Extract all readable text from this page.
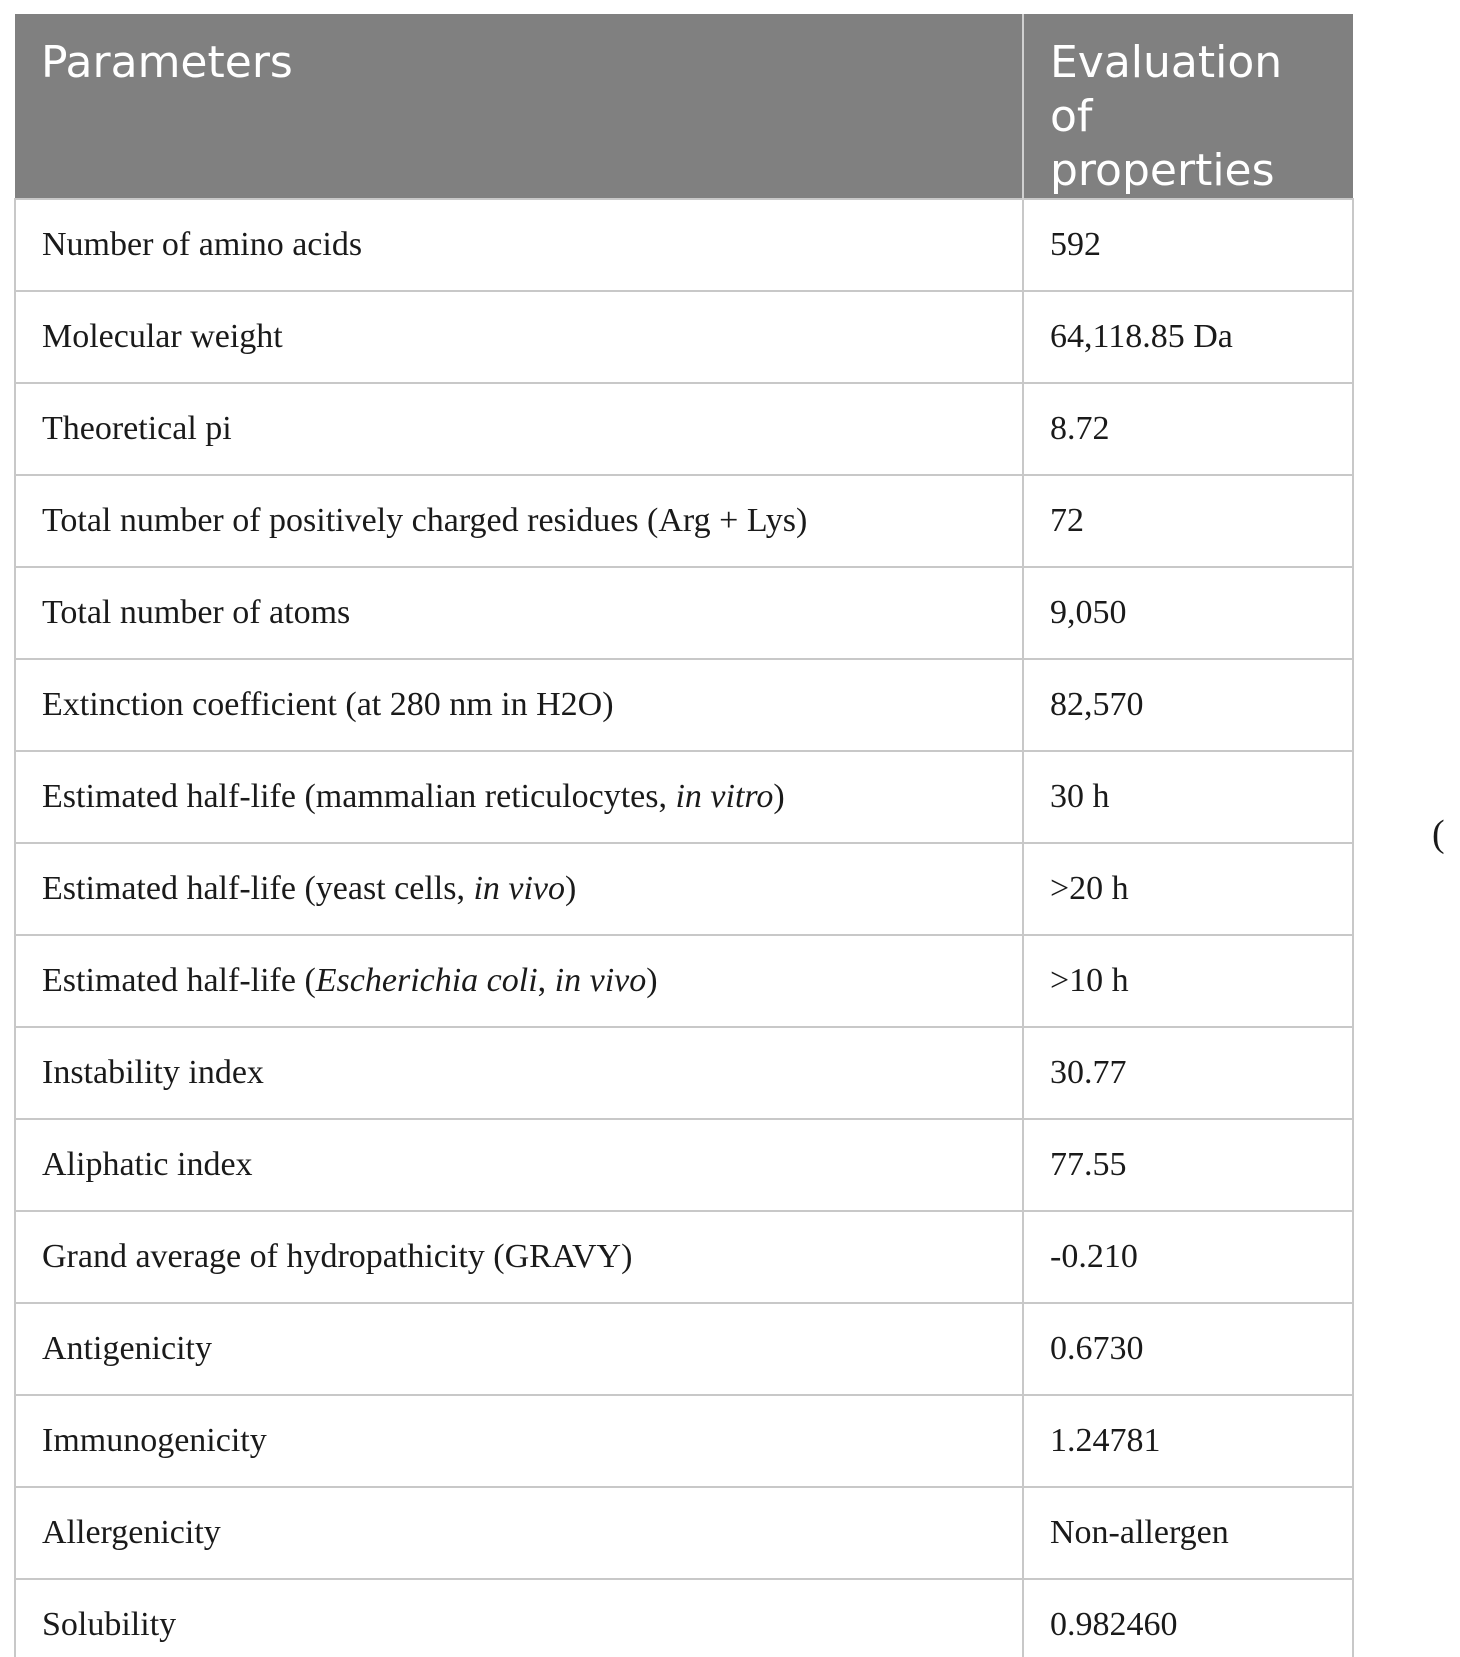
Parameters	Evaluation of properties
Number of amino acids	592
Molecular weight	64,118.85 Da
Theoretical pi	8.72
Total number of positively charged residues (Arg + Lys)	72
Total number of atoms	9,050
Extinction coefficient (at 280 nm in H2O)	82,570
Estimated half-life (mammalian reticulocytes, in vitro)	30 h
Estimated half-life (yeast cells, in vivo)	>20 h
Estimated half-life (Escherichia coli, in vivo)	>10 h
Instability index	30.77
Aliphatic index	77.55
Grand average of hydropathicity (GRAVY)	-0.210
Antigenicity	0.6730
Immunogenicity	1.24781
Allergenicity	Non-allergen
Solubility	0.982460
(
